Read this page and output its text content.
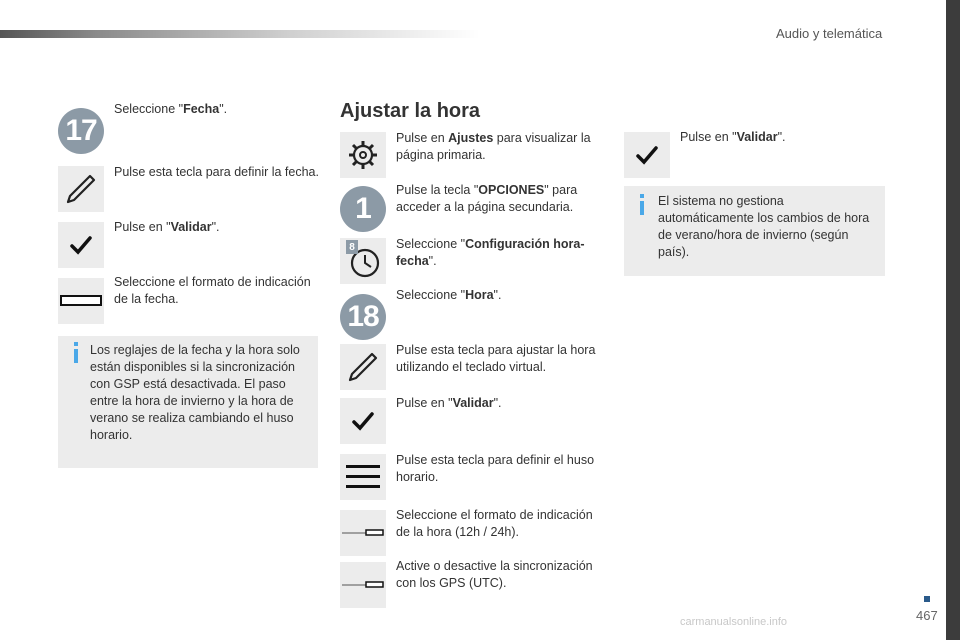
Audio y telemática
17
Seleccione "Fecha".
Pulse esta tecla para definir la fecha.
Pulse en "Validar".
Seleccione el formato de indicación de la fecha.
Los reglajes de la fecha y la hora solo están disponibles si la sincronización con GSP está desactivada. El paso entre la hora de invierno y la hora de verano se realiza cambiando el huso horario.
Ajustar la hora
Pulse en Ajustes para visualizar la página primaria.
1
Pulse la tecla "OPCIONES" para acceder a la página secundaria.
8	Seleccione "Configuración hora-fecha".
18
Seleccione "Hora".
Pulse esta tecla para ajustar la hora utilizando el teclado virtual.
Pulse en "Validar".
Pulse esta tecla para definir el huso horario.
Seleccione el formato de indicación de la hora (12h / 24h).
Active o desactive la sincronización con los GPS (UTC).
Pulse en "Validar".
El sistema no gestiona automáticamente los cambios de hora de verano/hora de invierno (según país).
467
carmanualsonline.info
